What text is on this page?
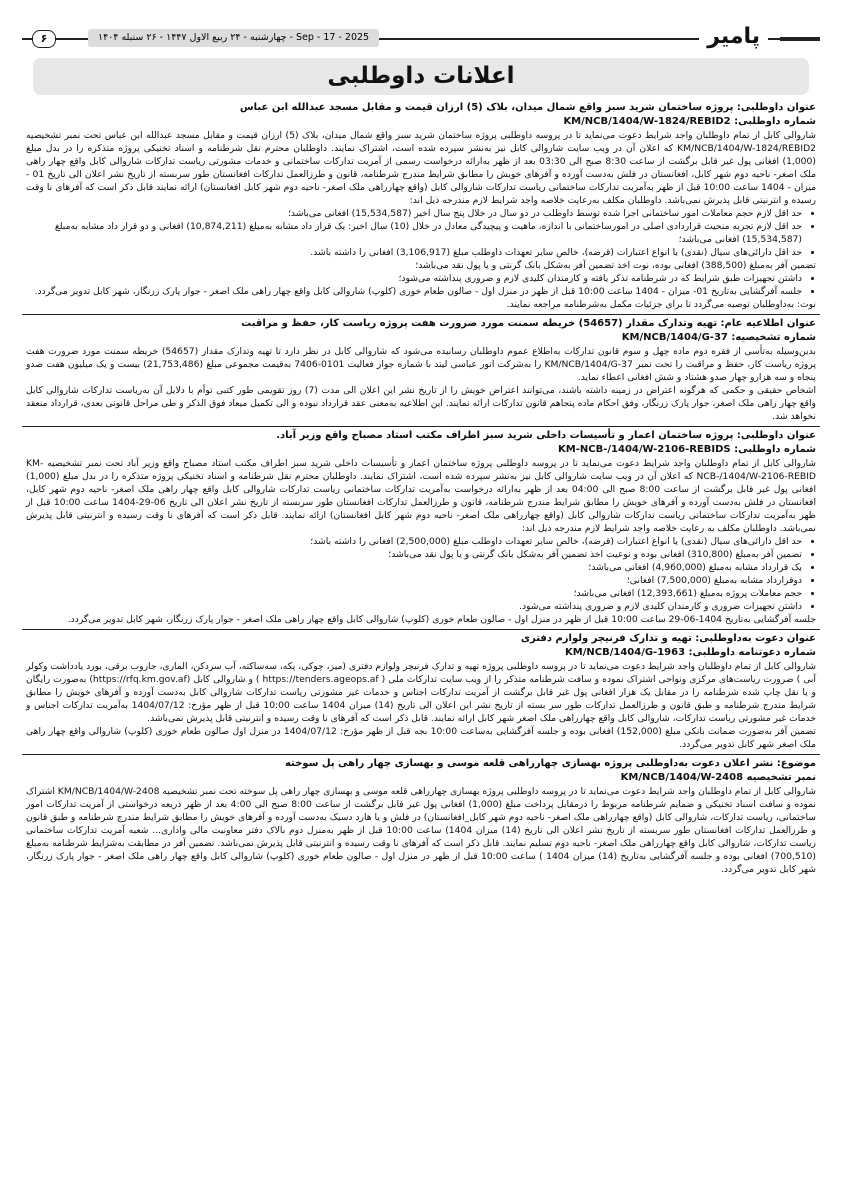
۶	چهارشنبه - ۲۴ ربیع الاول ۱۴۴۷ - ۲۶ سنبله ۱۴۰۴ - Sep - 17 - 2025	پامیر
اعلانات داوطلبی

عنوان داوطلبی: پروژه ساختمان شرید سبز واقع شمال میدان، بلاک (5) ارزان قیمت و مقابل مسجد عبدالله ابن عباس

شماره داوطلبی: KM/NCB/1404/W-1824/REBID2

شاروالی کابل از تمام داوطلبان واجد شرایط دعوت می‌نماید تا در پروسه داوطلبی پروژه ساختمان شرید سبز واقع شمال میدان، بلاک (5) ارزان قیمت و مقابل مسجد عبدالله ابن عباس تحت نمبر تشخیصیه KM/NCB/1404/W-1824/REBID2 که اعلان آن در ویب سایت شاروالی کابل نیز به‌نشر سپرده شده است، اشتراک نمایند. داوطلبان محترم نقل شرطنامه و اسناد تخنیکی پروژه متذکره را در بدل مبلغ (1,000) افغانی پول غیر قابل برگشت از ساعت 8:30 صبح الی 03:30 بعد از ظهر به‌ارائه درخواست رسمی از آمریت تدارکات ساختمانی و خدمات مشورتی ریاست تدارکات شاروالی کابل واقع چهار راهی ملک اصغر- ناحیه دوم شهر کابل، افغانستان در فلش به‌دست آورده و آفرهای خویش را مطابق شرایط مندرج شرطنامه، قانون و طرزالعمل تدارکات افغانستان طور سربسته از تاریخ نشر اعلان الی تاریخ 01 - میزان - 1404 ساعت 10:00 قبل از ظهر به‌آمریت تدارکات ساختمانی ریاست تدارکات شاروالی کابل (واقع چهارراهی ملک اصغر- ناحیه دوم شهر کابل افغانستان) ارائه نمایند قابل ذکر است که آفرهای نا وقت رسیده و انترنیتی قابل پذیرش نمی‌باشد. داوطلبان مکلف به‌رعایت خلاصه واجد شرایط لازم مندرجه ذیل اند:

• حد اقل لازم حجم معاملات امور ساختمانی اجرا شده توسط داوطلب در دو سال در خلال پنج سال اخیر (15,534,587) افغانی می‌باشد؛
• حد اقل لازم تجربه منحیث قراردادی اصلی در امورساختمانی با اندازه، ماهیت و پیچیدگی معادل در خلال (10) سال اخیر: یک قرار داد مشابه به‌مبلغ (10,874,211) افغانی و دو قرار داد مشابه به‌مبلغ (15,534,587) افغانی می‌باشد؛
• حد اقل دارائی‌های سیال (نقدی) یا انواع اعتبارات (قرضه)، خالص سایر تعهدات داوطلب مبلغ (3,106,917) افغانی را داشته باشد.

تضمین آفر به‌مبلغ (388,500) افغانی بوده، نوت اخذ تضمین آفر به‌شکل بانک گرنتی و یا پول نقد می‌باشد؛

• داشتن تجهیزات طبق شرایط که در شرطنامه تذکر یافته و کارمندان کلیدی لازم و ضروری پنداشته می‌شود؛
• جلسه آفرگشایی به‌تاریخ 01- میزان - 1404 ساعت 10:00 قبل از ظهر در منزل اول - صالون طعام خوری (کلوپ) شاروالی کابل واقع چهار راهی ملک اصغر - جوار پارک زرنگار، شهر کابل تدویر می‌گردد.

نوت: به‌داوطلبان توصیه می‌گردد تا برای جزئیات مکمل به‌شرطنامه مراجعه نمایند.

عنوان اطلاعیه عام: تهیه وتدارک مقدار (54657) خریطه سمنت مورد ضرورت هفت پروژه ریاست کار، حفظ و مراقبت

شماره تشخیصیه: KM/NCB/1404/G-37

بدین‌وسیله به‌تأسی از فقره دوم ماده چهل و سوم قانون تدارکات به‌اطلاع عموم داوطلبان رسانیده می‌شود که شاروالی کابل در نظر دارد تا تهیه وتدارک مقدار (54657) خریطه سمنت مورد ضرورت هفت پروژه ریاست کار، حفظ و مراقبت را تحت نمبر KM/NCB/1404/G-37 را به‌شرکت انور عباسی لیتد با شماره جواز فعالیت 0101-7406 به‌قیمت مجموعی مبلغ (21,753,486) بیست و یک میلیون هفت صدو پنجاه و سه هزارو چهار صدو هشتاد و شش افغانی اعطاء نماید.

اشخاص حقیقی و حکمی که هرگونه اعتراض در زمینه داشته باشند، می‌توانند اعتراض خویش را از تاریخ نشر این اعلان الی مدت (7) روز تقویمی طور کتبی توأم با دلایل آن به‌ریاست تدارکات شاروالی کابل واقع چهار راهی ملک اصغر، جوار پارک زرنگار، وفق احکام ماده پنجاهم قانون تدارکات ارائه نمایند. این اطلاعیه به‌معنی عقد قرارداد نبوده و الی تکمیل میعاد فوق الذکر و طی مراحل قانونی بعدی، قرارداد منعقد نخواهد شد.

عنوان داوطلبی: پروژه ساختمان اعمار و تأسیسات داخلی شرید سبز اطراف مکتب استاد مصباح واقع وزیر آباد.

شماره داوطلبی: KM-NCB-/1404/W-2106-REBIDS

شاروالی کابل از تمام داوطلبان واجد شرایط دعوت می‌نماید تا در پروسه داوطلبی پروژه ساختمان اعمار و تأسیسات داخلی شرید سبز اطراف مکتب استاد مصباح واقع وزیر آباد تحت نمبر تشخیصیه KM-NCB-/1404/W-2106-REBID که اعلان آن در ویب سایت شاروالی کابل نیز به‌نشر سپرده شده است، اشتراک نمایند. داوطلبان محترم نقل شرطنامه و اسناد تخنیکی پروژه متذکره را در بدل مبلغ (1,000) افغانی پول غیر قابل برگشت از ساعت 8:00 صبح الی 04:00 بعد از ظهر به‌ارائه درخواست به‌آمریت تدارکات ساختمانی ریاست تدارکات شاروالی کابل واقع چهار راهی ملک اصغر- ناحیه دوم شهر کابل، افغانستان در فلش به‌دست آورده و آفرهای خویش را مطابق شرایط مندرج شرطنامه، قانون و طرزالعمل تدارکات افغانستان طور سربسته از تاریخ نشر اعلان الی تاریخ 06-29-1404 ساعت 10:00 قبل از ظهر به‌آمریت تدارکات ساختمانی ریاست تدارکات شاروالی کابل (واقع چهارراهی ملک اصغر- ناحیه دوم شهر کابل افغانستان) ارائه نمایند. قابل ذکر است که آفرهای نا وقت رسیده و انترنیتی قابل پذیرش نمی‌باشد. داوطلبان مکلف به رعایت خلاصه واجد شرایط لازم مندرجه ذیل اند:

• حد اقل دارائی‌های سیال (نقدی) یا انواع اعتبارات (قرضه)، خالص سایر تعهدات داوطلب مبلغ (2,500,000) افغانی را داشته باشد؛
• تضمین آفر به‌مبلغ (310,800) افغانی بوده و نوعیت اخذ تضمین آفر به‌شکل بانک گرنتی و یا پول نقد می‌باشد؛
• یک قرارداد مشابه به‌مبلغ (4,960,000) افغانی می‌باشد؛
• دوقرارداد مشابه به‌مبلغ (7,500,000) افغانی؛
• حجم معاملات پروژه به‌مبلغ (12,393,661) افغانی می‌باشد؛
• داشتن تجهیزات ضروری و کارمندان کلیدی لازم و ضروری پنداشته می‌شود.

جلسه آفرگشایی به‌تاریخ 1404-06-29 ساعت 10:00 قبل از ظهر در منزل اول - صالون طعام خوری (کلوپ) شاروالی کابل واقع چهار راهی ملک اصغر - جوار پارک زرنگار، شهر کابل تدویر می‌گردد.

عنوان دعوت به‌داوطلبی: تهیه و تدارک فرنیچر ولوازم دفتری

شماره دعوتنامه داوطلبی: KM/NCB/1404/G-1963

شاروالی کابل از تمام داوطلبان واجد شرایط دعوت می‌نماید تا در پروسه داوطلبی پروژه تهیه و تدارک فرنیچر ولوازم دفتری (میز، چوکی، پکه، سه‌ساکته، آب سردکن، الماری، جاروب برقی، بورد یادداشت وکولر آبی ) ضرورت ریاست‌های مرکزی ونواحی اشتراک نموده و سافت شرطنامه متذکر را از ویب سایت تدارکات ملی ( https://tenders.ageops.af ) و شاروالی کابل (https://rfq.km.gov.af) به‌صورت رایگان و یا نقل چاپ شده شرطنامه را در مقابل یک هزار افغانی پول غیر قابل برگشت از آمریت تدارکات اجناس و خدمات غیر مشورتی ریاست تدارکات شاروالی کابل به‌دست آورده و آفرهای خویش را مطابق شرایط مندرج شرطنامه و طبق قانون و طرزالعمل تدارکات طور سر بسته از تاریخ نشر این اعلان الی تاریخ (14) میزان 1404 ساعت 10:00 قبل از ظهر مؤرخ: 1404/07/12 به‌آمریت تدارکات اجناس و خدمات غیر مشورتی ریاست تدارکات، شاروالی کابل واقع چهارراهی ملک اصغر شهر کابل ارائه نمایند. قابل ذکر است که آفرهای نا وقت رسیده و انترنیتی قابل پذیرش نمی‌باشد.

تضمین آفر به‌صورت ضمانت بانکی مبلغ (152,000) افغانی بوده و جلسه آفرگشایی به‌ساعت 10:00 بجه قبل از ظهر مؤرخ: 1404/07/12 در منزل اول صالون طعام خوری (کلوپ) شاروالی واقع چهار راهی ملک اصغر شهر کابل تدویر می‌گردد.

موضوع: نشر اعلان دعوت به‌داوطلبی پروژه بهسازی چهارراهی قلعه موسی و بهسازی چهار راهی پل سوخته

نمبر تشخیصیه KM/NCB/1404/W-2408

شاروالی کابل از تمام داوطلبان واجد شرایط دعوت می‌نماید تا در پروسه داوطلبی پروژه بهسازی چهارراهی قلعه موسی و بهسازی چهار راهی پل سوخته تحت نمبر تشخیصیه KM/NCB/1404/W-2408 اشتراک نموده و سافت اسناد تخنیکی و ضمایم شرطنامه مربوط را درمقابل پرداخت مبلغ (1,000) افغانی پول غیر قابل برگشت از ساعت 8:00 صبح الی 4:00 بعد از ظهر ذریعه درخواستی از آمریت تدارکات امور ساختمانی، ریاست تدارکات، شاروالی کابل (واقع چهارراهی ملک اصغر- ناحیه دوم شهر کابل_افغانستان) در فلش و یا هارد دسیک به‌دست آورده و آفرهای خویش را مطابق شرایط مندرج شرطنامه و طبق قانون و طرزالعمل تدارکات افغانستان طور سربسته از تاریخ نشر اعلان الی تاریخ (14) میزان 1404) ساعت 10:00 قبل از ظهر به‌منزل دوم بالاک دفتر معاونیت مالی واداری... شعبه آمریت تدارکات ساختمانی ریاست تدارکات، شاروالی کابل واقع چهارراهی ملک اصغر- ناحیه دوم تسلیم نمایند. قابل ذکر است که آفرهای نا وقت رسیده و انترنیتی قابل پذیرش نمی‌باشد. تضمین آفر در مطابقت به‌شرایط شرطنامه به‌مبلغ (700,510) افغانی بوده و جلسه آفرگشایی به‌تاریخ (14) میزان 1404 ) ساعت 10:00 قبل از ظهر در منزل اول - صالون طعام خوری (کلوپ) شاروالی کابل واقع چهار راهی ملک اصغر - جوار پارک زرنگار، شهر کابل تدویر می‌گردد.
